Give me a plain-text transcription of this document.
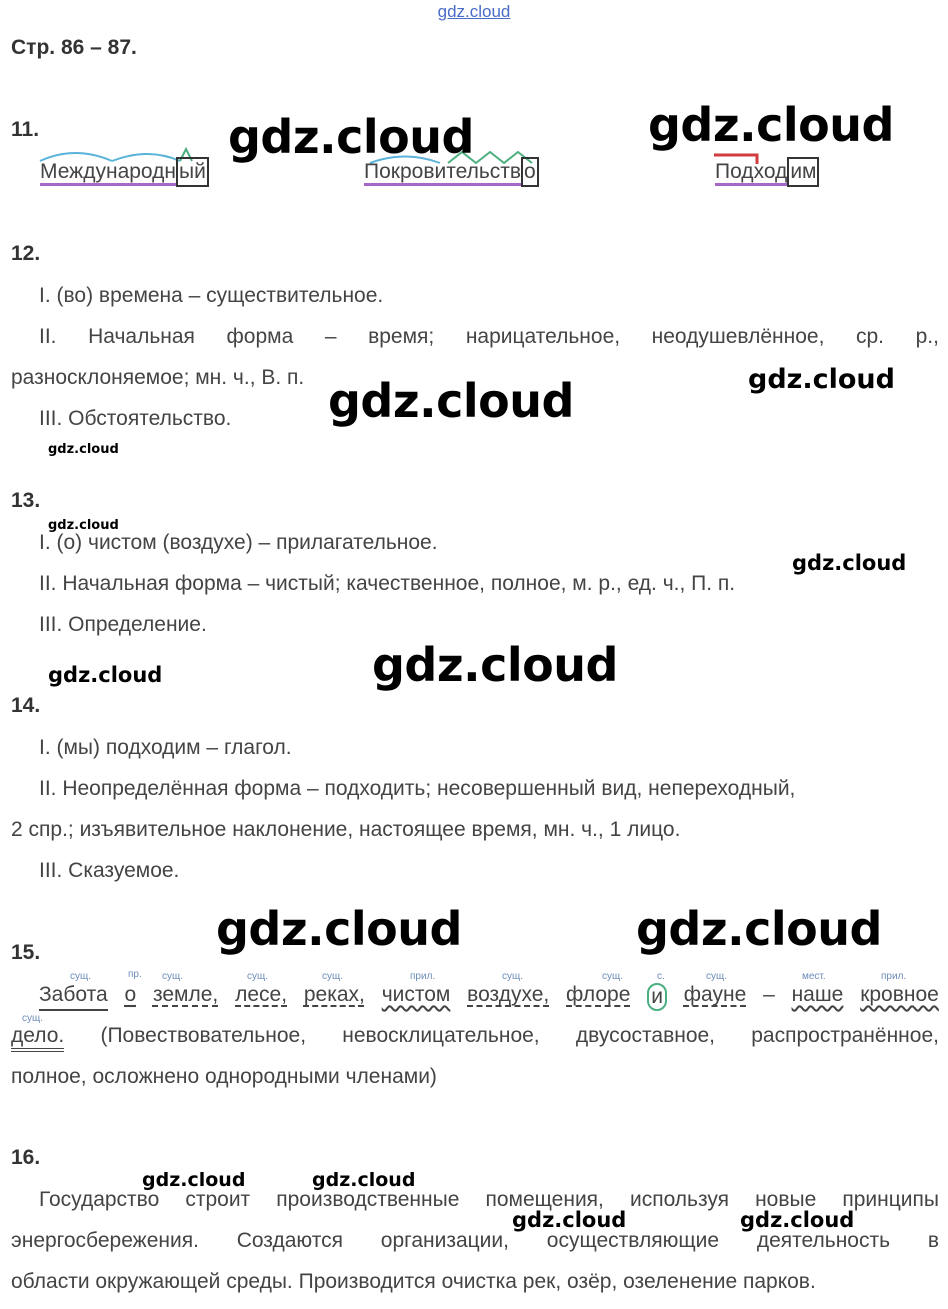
gdz.cloud
Стр. 86 – 87.
11.
Международн ый	Покровительств о	Подход им
gdz.cloud	gdz.cloud
12.
I. (во) времена – существительное.
II. Начальная форма – время; нарицательное, неодушевлённое, ср. р.,
разносклоняемое; мн. ч., В. п.
III. Обстоятельство. gdz.cloud	gdz.cloud
gdz.cloud
13.
gdz.cloud
I. (о) чистом (воздухе) – прилагательное.
II. Начальная форма – чистый; качественное, полное, м. р., ед. ч., П. п.
III. Определение.
gdz.cloud
gdz.cloud
gdz.cloud
14.
I. (мы) подходим – глагол.
II. Неопределённая форма – подходить; несовершенный вид, непереходный,
2 спр.; изъявительное наклонение, настоящее время, мн. ч., 1 лицо.
III. Сказуемое.
gdz.cloud	gdz.cloud
15.
сущ.	пр. сущ.	сущ.	сущ.	прил.	сущ.	сущ.	с.	сущ.	мест.	прил.
сущ.
Забота о земле, лесе, реках, чистом воздухе, флоре и фауне – наше кровное
дело. (Повествовательное, невосклицательное, двусоставное, распространённое,
полное, осложнено однородными членами)
16.
gdz.cloud	gdz.cloud
Государство строит производственные помещения, используя новые принципы
gdz.cloud	gdz.cloud
энергосбережения. Создаются организации, осуществляющие деятельность в
области окружающей среды. Производится очистка рек, озёр, озеленение парков.
